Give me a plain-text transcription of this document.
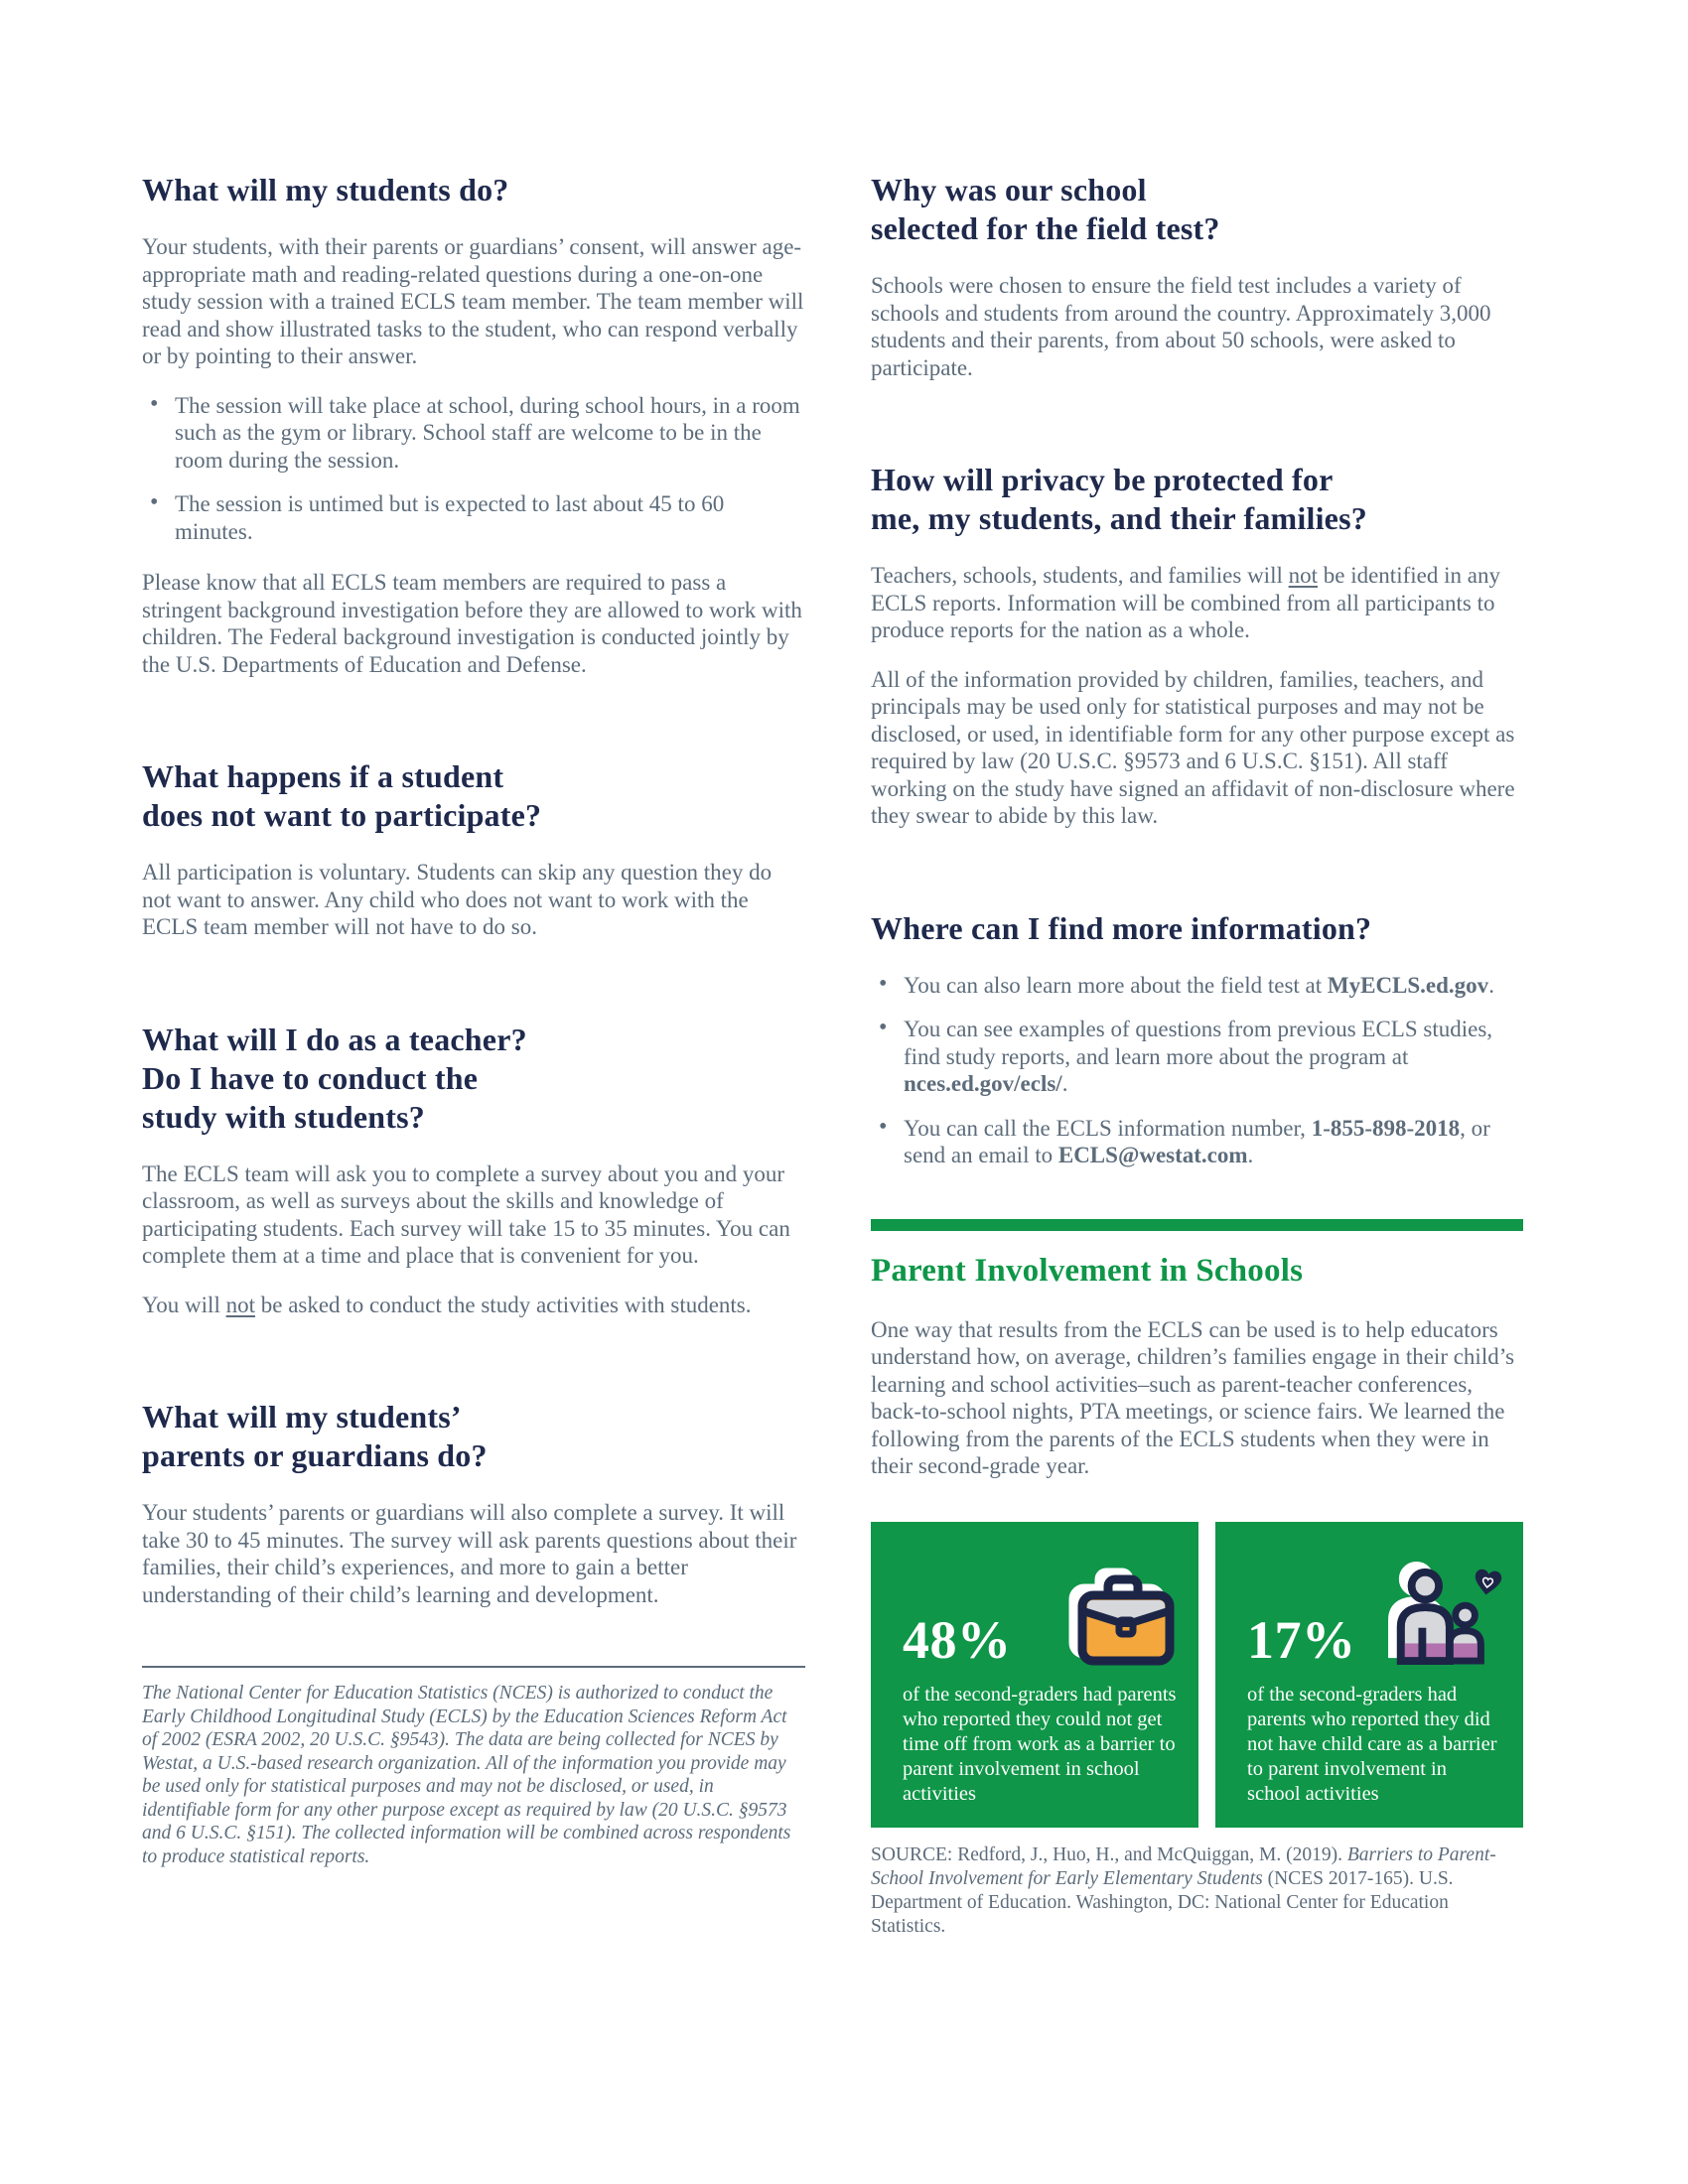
What will my students do?

Your students, with their parents or guardians’ consent, will answer age-appropriate math and reading-related questions during a one-on-one study session with a trained ECLS team member. The team member will read and show illustrated tasks to the student, who can respond verbally or by pointing to their answer.

• The session will take place at school, during school hours, in a room such as the gym or library. School staff are welcome to be in the room during the session.
• The session is untimed but is expected to last about 45 to 60 minutes.

Please know that all ECLS team members are required to pass a stringent background investigation before they are allowed to work with children. The Federal background investigation is conducted jointly by the U.S. Departments of Education and Defense.

What happens if a student
does not want to participate?

All participation is voluntary. Students can skip any question they do not want to answer. Any child who does not want to work with the ECLS team member will not have to do so.

What will I do as a teacher?
Do I have to conduct the
study with students?

The ECLS team will ask you to complete a survey about you and your classroom, as well as surveys about the skills and knowledge of participating students. Each survey will take 15 to 35 minutes. You can complete them at a time and place that is convenient for you.

You will not be asked to conduct the study activities with students.

What will my students’
parents or guardians do?

Your students’ parents or guardians will also complete a survey. It will take 30 to 45 minutes. The survey will ask parents questions about their families, their child’s experiences, and more to gain a better understanding of their child’s learning and development.

The National Center for Education Statistics (NCES) is authorized to conduct the Early Childhood Longitudinal Study (ECLS) by the Education Sciences Reform Act of 2002 (ESRA 2002, 20 U.S.C. §9543). The data are being collected for NCES by Westat, a U.S.-based research organization. All of the information you provide may be used only for statistical purposes and may not be disclosed, or used, in identifiable form for any other purpose except as required by law (20 U.S.C. §9573 and 6 U.S.C. §151). The collected information will be combined across respondents to produce statistical reports.

Why was our school
selected for the field test?

Schools were chosen to ensure the field test includes a variety of schools and students from around the country. Approximately 3,000 students and their parents, from about 50 schools, were asked to participate.

How will privacy be protected for
me, my students, and their families?

Teachers, schools, students, and families will not be identified in any ECLS reports. Information will be combined from all participants to produce reports for the nation as a whole.

All of the information provided by children, families, teachers, and principals may be used only for statistical purposes and may not be disclosed, or used, in identifiable form for any other purpose except as required by law (20 U.S.C. §9573 and 6 U.S.C. §151). All staff working on the study have signed an affidavit of non-disclosure where they swear to abide by this law.

Where can I find more information?
• You can also learn more about the field test at MyECLS.ed.gov.
• You can see examples of questions from previous ECLS studies, find study reports, and learn more about the program at nces.ed.gov/ecls/.
• You can call the ECLS information number, 1-855-898-2018, or send an email to ECLS@westat.com.
Parent Involvement in Schools

One way that results from the ECLS can be used is to help educators understand how, on average, children’s families engage in their child’s learning and school activities–such as parent-teacher conferences, back-to-school nights, PTA meetings, or science fairs. We learned the following from the parents of the ECLS students when they were in their second-grade year.

48%
of the second-graders had parents who reported they could not get time off from work as a barrier to parent involvement in school activities
17%
of the second-graders had parents who reported they did not have child care as a barrier to parent involvement in school activities

SOURCE: Redford, J., Huo, H., and McQuiggan, M. (2019). Barriers to Parent-School Involvement for Early Elementary Students (NCES 2017-165). U.S. Department of Education. Washington, DC: National Center for Education Statistics.
